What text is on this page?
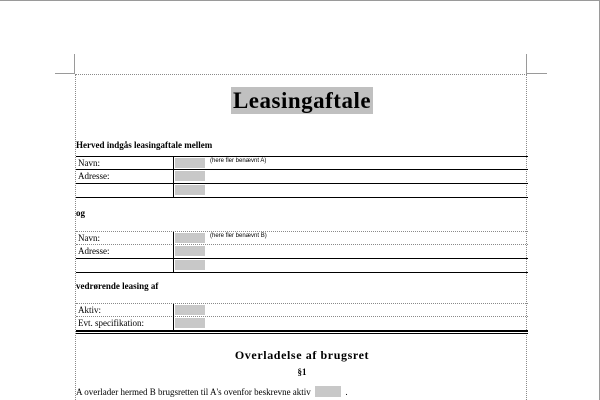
Leasingaftale
Herved indgås leasingaftale mellem
Navn:	(here fler benævnt A)
Adresse:
og
Navn:	(here fler benævnt B)
Adresse:
vedrørende leasing af
Aktiv:
Evt. specifikation:
Overladelse af brugsret
§1
A overlader hermed B brugsretten til A's ovenfor beskrevne aktiv	.
